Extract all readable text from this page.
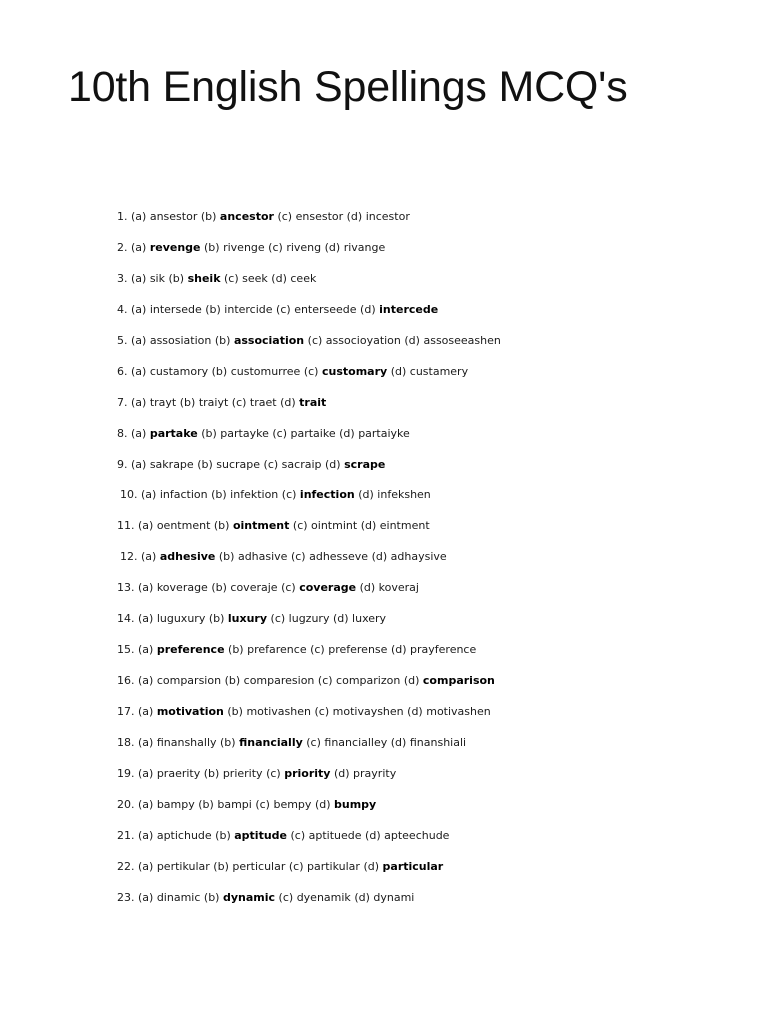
10th English Spellings MCQ's
1. (a) ansestor (b) ancestor (c) ensestor (d) incestor
2. (a) revenge (b) rivenge (c) riveng (d) rivange
3. (a) sik (b) sheik (c) seek (d) ceek
4. (a) intersede (b) intercide (c) enterseede (d) intercede
5. (a) assosiation (b) association (c) associoyation (d) assoseeashen
6. (a) custamory (b) customurree (c) customary (d) custamery
7. (a) trayt (b) traiyt (c) traet (d) trait
8. (a) partake (b) partayke (c) partaike (d) partaiyke
9. (a) sakrape (b) sucrape (c) sacraip (d) scrape
10. (a) infaction (b) infektion (c) infection (d) infekshen
11. (a) oentment (b) ointment (c) ointmint (d) eintment
12. (a) adhesive (b) adhasive (c) adhesseve (d) adhaysive
13. (a) koverage (b) coveraje (c) coverage (d) koveraj
14. (a) luguxury (b) luxury (c) lugzury (d) luxery
15. (a) preference (b) prefarence (c) preferense (d) prayference
16. (a) comparsion (b) comparesion (c) comparizon (d) comparison
17. (a) motivation (b) motivashen (c) motivayshen (d) motivashen
18. (a) finanshally (b) financially (c) financialley (d) finanshiali
19. (a) praerity (b) prierity (c) priority (d) prayrity
20. (a) bampy (b) bampi (c) bempy (d) bumpy
21. (a) aptichude (b) aptitude (c) aptituede (d) apteechude
22. (a) pertikular (b) perticular (c) partikular (d) particular
23. (a) dinamic (b) dynamic (c) dyenamik (d) dynami
